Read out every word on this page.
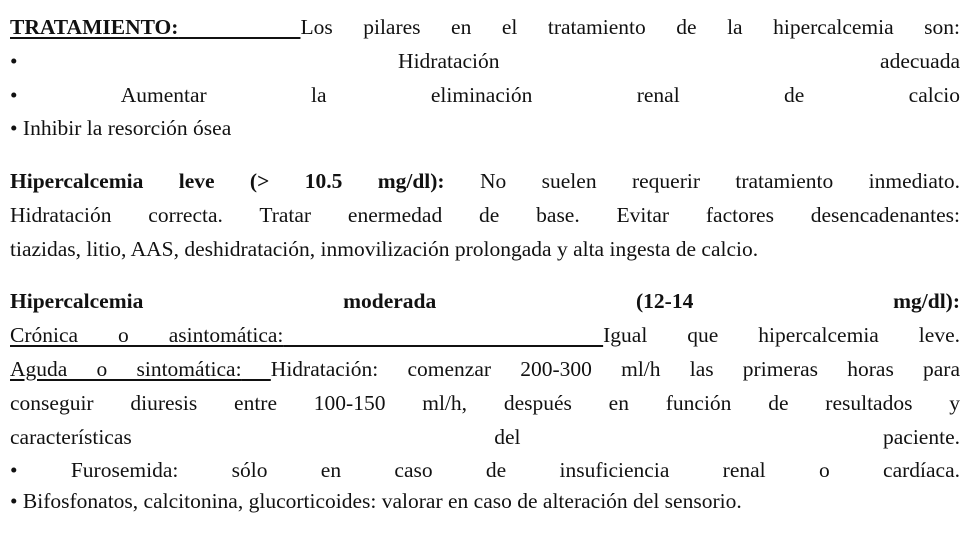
TRATAMIENTO:	Los pilares en el tratamiento de la hipercalcemia son:
•	Hidratación adecuada
•	Aumentar la eliminación renal de calcio
• Inhibir la resorción ósea
Hipercalcemia leve (> 10.5 mg/dl): No suelen requerir tratamiento inmediato.
Hidratación correcta. Tratar enermedad de base. Evitar factores desencadenantes:
tiazidas, litio, AAS, deshidratación, inmovilización prolongada y alta ingesta de calcio.
Hipercalcemia moderada (12-14 mg/dl):
Crónica o asintomática:	Igual que hipercalcemia leve.
Aguda o sintomática: Hidratación: comenzar 200-300 ml/h las primeras horas para
conseguir diuresis entre 100-150 ml/h, después en función de resultados y
características del paciente.
• Furosemida: sólo en caso de insuficiencia renal o cardíaca.
• Bifosfonatos, calcitonina, glucorticoides: valorar en caso de alteración del sensorio.
